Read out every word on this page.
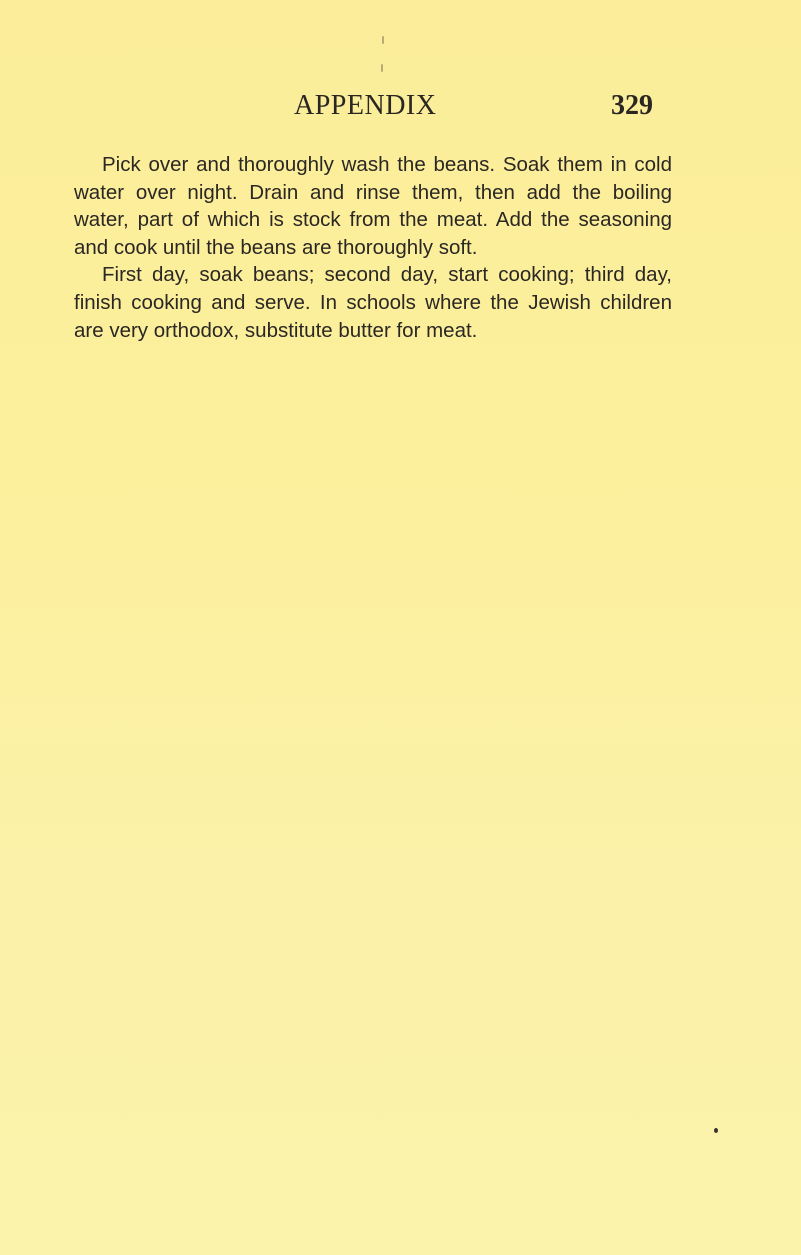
APPENDIX	329

Pick over and thoroughly wash the beans. Soak them in cold water over night. Drain and rinse them, then add the boiling water, part of which is stock from the meat. Add the seasoning and cook until the beans are thoroughly soft.

First day, soak beans; second day, start cooking; third day, finish cooking and serve. In schools where the Jewish children are very orthodox, substitute butter for meat.
